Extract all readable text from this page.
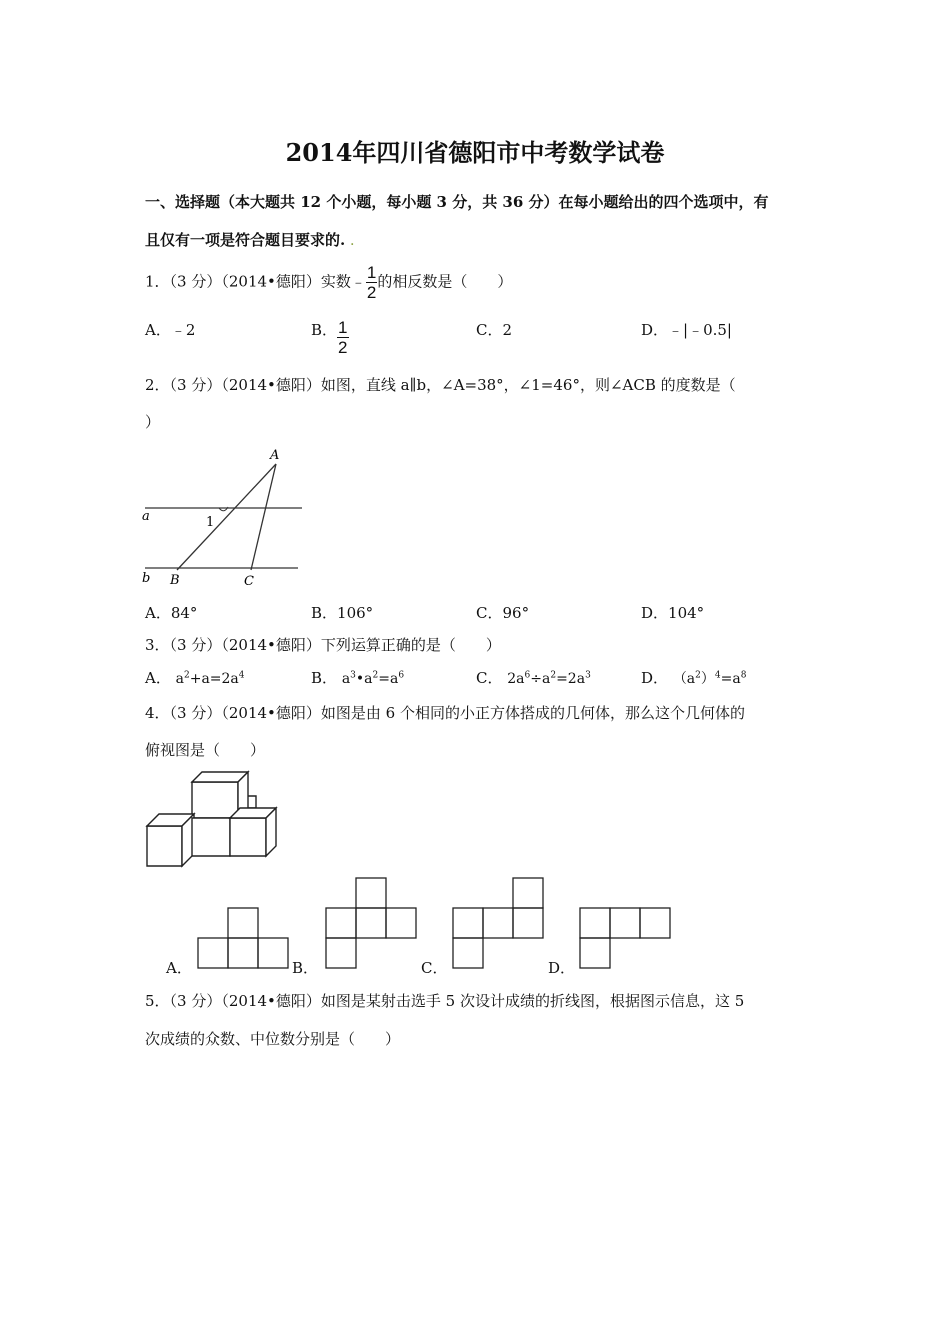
2014年四川省德阳市中考数学试卷
一、选择题（本大题共 12 个小题，每小题 3 分，共 36 分）在每小题给出的四个选项中，有
且仅有一项是符合题目要求的. .
1．（3 分）（2014•德阳）实数﹣ $\frac{1}{2}$ 的相反数是（　　）
A．﹣2	B． $\frac{1}{2}$	C．2	D．﹣|﹣0.5|
2．（3 分）（2014•德阳）如图，直线 a∥b，∠A=38°，∠1=46°，则∠ACB 的度数是（
）
A
a	1
b B	C
A．84°	B．106°	C．96°	D．104°
3．（3 分）（2014•德阳）下列运算正确的是（　　）
A． $a^2+a=2a^4$	B． $a^3•a^2=a^6$	C． $2a^6\div a^2=2a^3$	D． $(a^2)^4=a^8$
4．（3 分）（2014•德阳）如图是由 6 个相同的小正方体搭成的几何体，那么这个几何体的
俯视图是（　　）
A．	B．	C．	D．
5．（3 分）（2014•德阳）如图是某射击选手 5 次设计成绩的折线图，根据图示信息，这 5
次成绩的众数、中位数分别是（　　）
